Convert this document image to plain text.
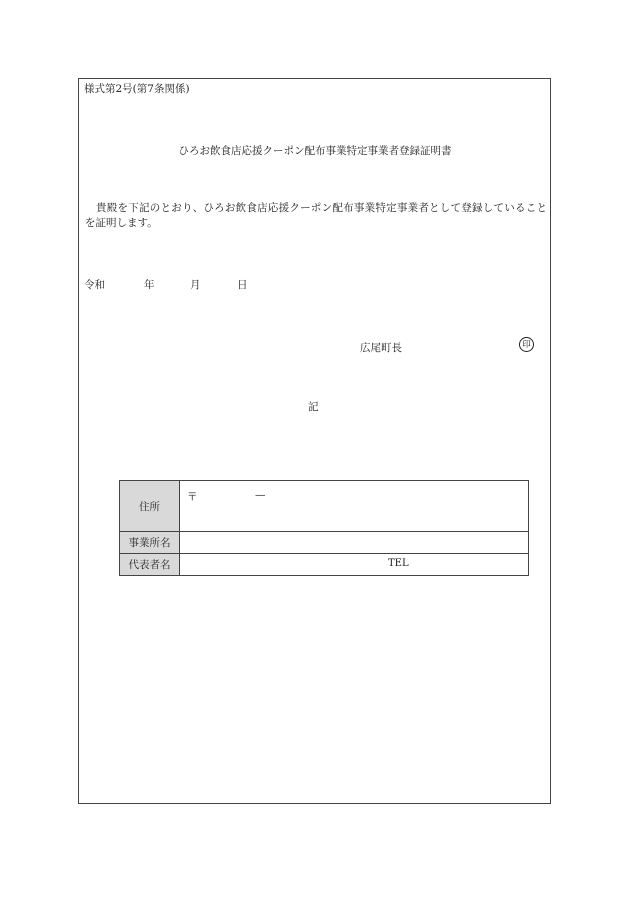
様式第2号(第7条関係)
ひろお飲食店応援クーポン配布事業特定事業者登録証明書
貴殿を下記のとおり、ひろお飲食店応援クーポン配布事業特定事業者として登録していることを証明します。
令和	年	月	日
広尾町長	印
記
住所	〒 —

事業所名	
代表者名	TEL
